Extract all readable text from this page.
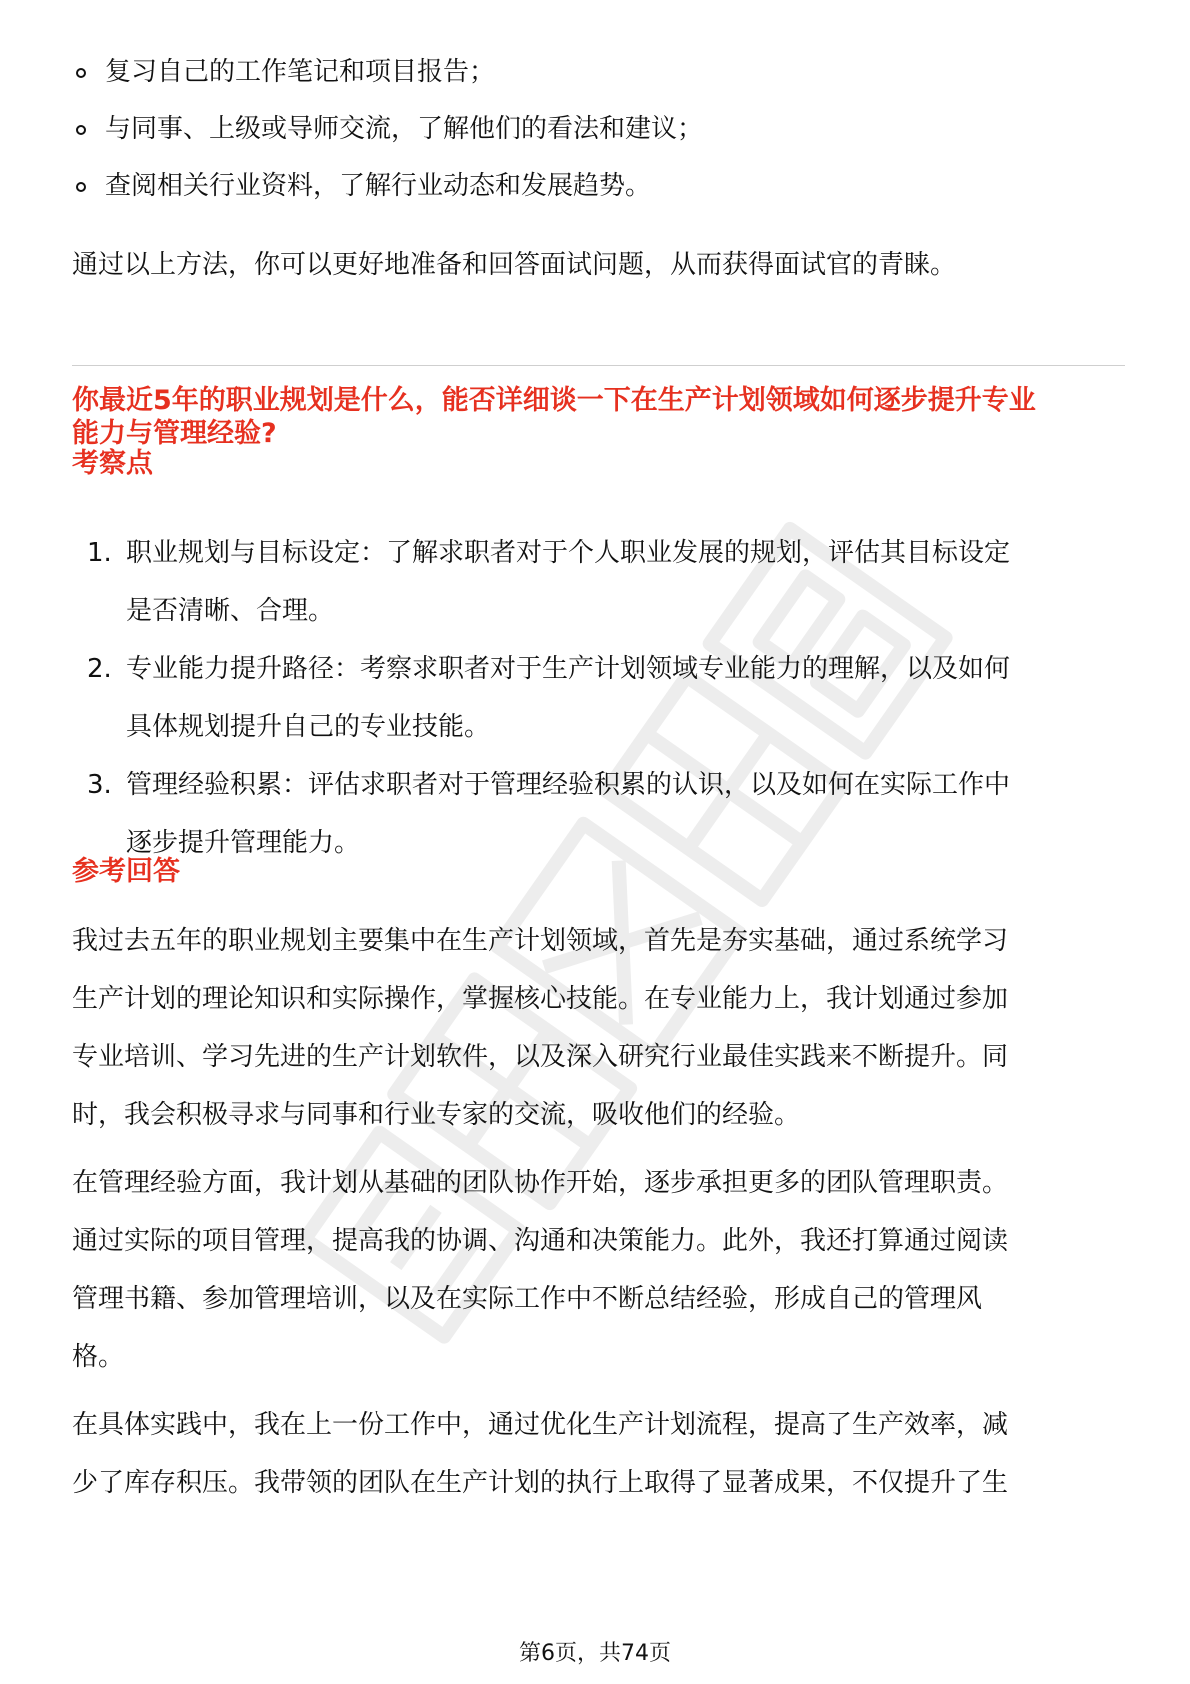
复习自己的工作笔记和项目报告；
与同事、上级或导师交流，了解他们的看法和建议；
查阅相关行业资料，了解行业动态和发展趋势。
通过以上方法，你可以更好地准备和回答面试问题，从而获得面试官的青睐。
你最近5年的职业规划是什么，能否详细谈一下在生产计划领域如何逐步提升专业
能力与管理经验?
考察点
1. 职业规划与目标设定：了解求职者对于个人职业发展的规划，评估其目标设定
是否清晰、合理。
2. 专业能力提升路径：考察求职者对于生产计划领域专业能力的理解，以及如何
具体规划提升自己的专业技能。
3. 管理经验积累：评估求职者对于管理经验积累的认识，以及如何在实际工作中
逐步提升管理能力。
参考回答
我过去五年的职业规划主要集中在生产计划领域，首先是夯实基础，通过系统学习
生产计划的理论知识和实际操作，掌握核心技能。在专业能力上，我计划通过参加
专业培训、学习先进的生产计划软件，以及深入研究行业最佳实践来不断提升。同
时，我会积极寻求与同事和行业专家的交流，吸收他们的经验。
在管理经验方面，我计划从基础的团队协作开始，逐步承担更多的团队管理职责。
通过实际的项目管理，提高我的协调、沟通和决策能力。此外，我还打算通过阅读
管理书籍、参加管理培训，以及在实际工作中不断总结经验，形成自己的管理风
格。
在具体实践中，我在上一份工作中，通过优化生产计划流程，提高了生产效率，减
少了库存积压。我带领的团队在生产计划的执行上取得了显著成果，不仅提升了生
第6页，共74页
